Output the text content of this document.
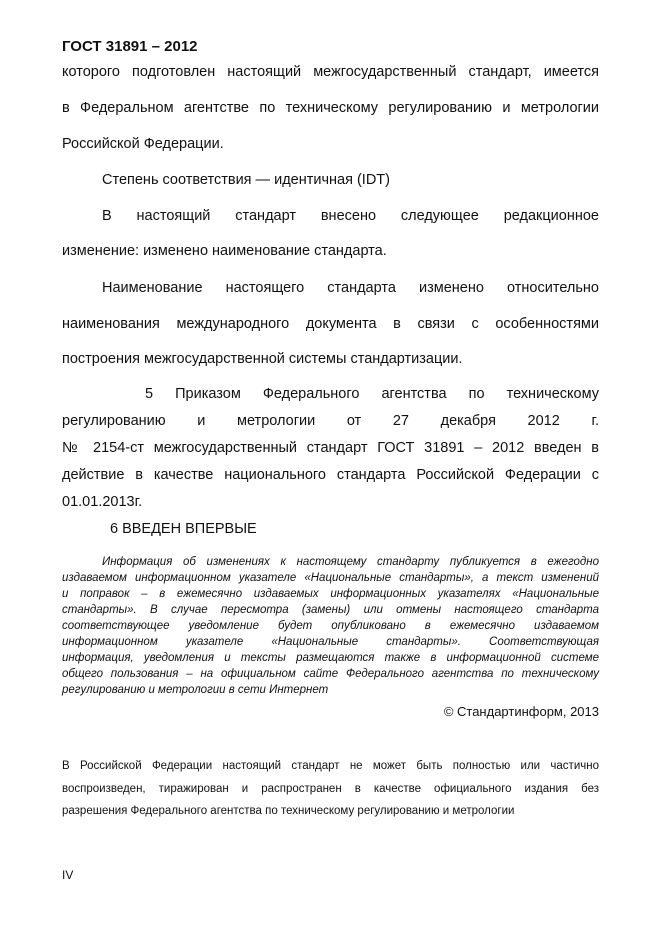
ГОСТ 31891 – 2012
которого подготовлен настоящий межгосударственный стандарт, имеется
в Федеральном агентстве по техническому регулированию и метрологии
Российской Федерации.
Степень соответствия — идентичная (IDT)
В настоящий стандарт внесено следующее редакционное
изменение: изменено наименование стандарта.
Наименование настоящего стандарта изменено относительно
наименования международного документа в связи с особенностями
построения межгосударственной системы стандартизации.
5 Приказом Федерального агентства по техническому
регулированию и метрологии от 27 декабря 2012 г.
№ 2154-ст межгосударственный стандарт ГОСТ 31891 – 2012 введен в
действие в качестве национального стандарта Российской Федерации с
01.01.2013г.
6 ВВЕДЕН ВПЕРВЫЕ
Информация об изменениях к настоящему стандарту публикуется в ежегодно
издаваемом информационном указателе «Национальные стандарты», а текст изменений
и поправок – в ежемесячно издаваемых информационных указателях «Национальные
стандарты». В случае пересмотра (замены) или отмены настоящего стандарта
соответствующее уведомление будет опубликовано в ежемесячно издаваемом
информационном указателе «Национальные стандарты». Соответствующая
информация, уведомления и тексты размещаются также в информационной системе
общего пользования – на официальном сайте Федерального агентства по техническому
регулированию и метрологии в сети Интернет
© Стандартинформ, 2013
В Российской Федерации настоящий стандарт не может быть полностью или частично
воспроизведен, тиражирован и распространен в качестве официального издания без
разрешения Федерального агентства по техническому регулированию и метрологии
IV
